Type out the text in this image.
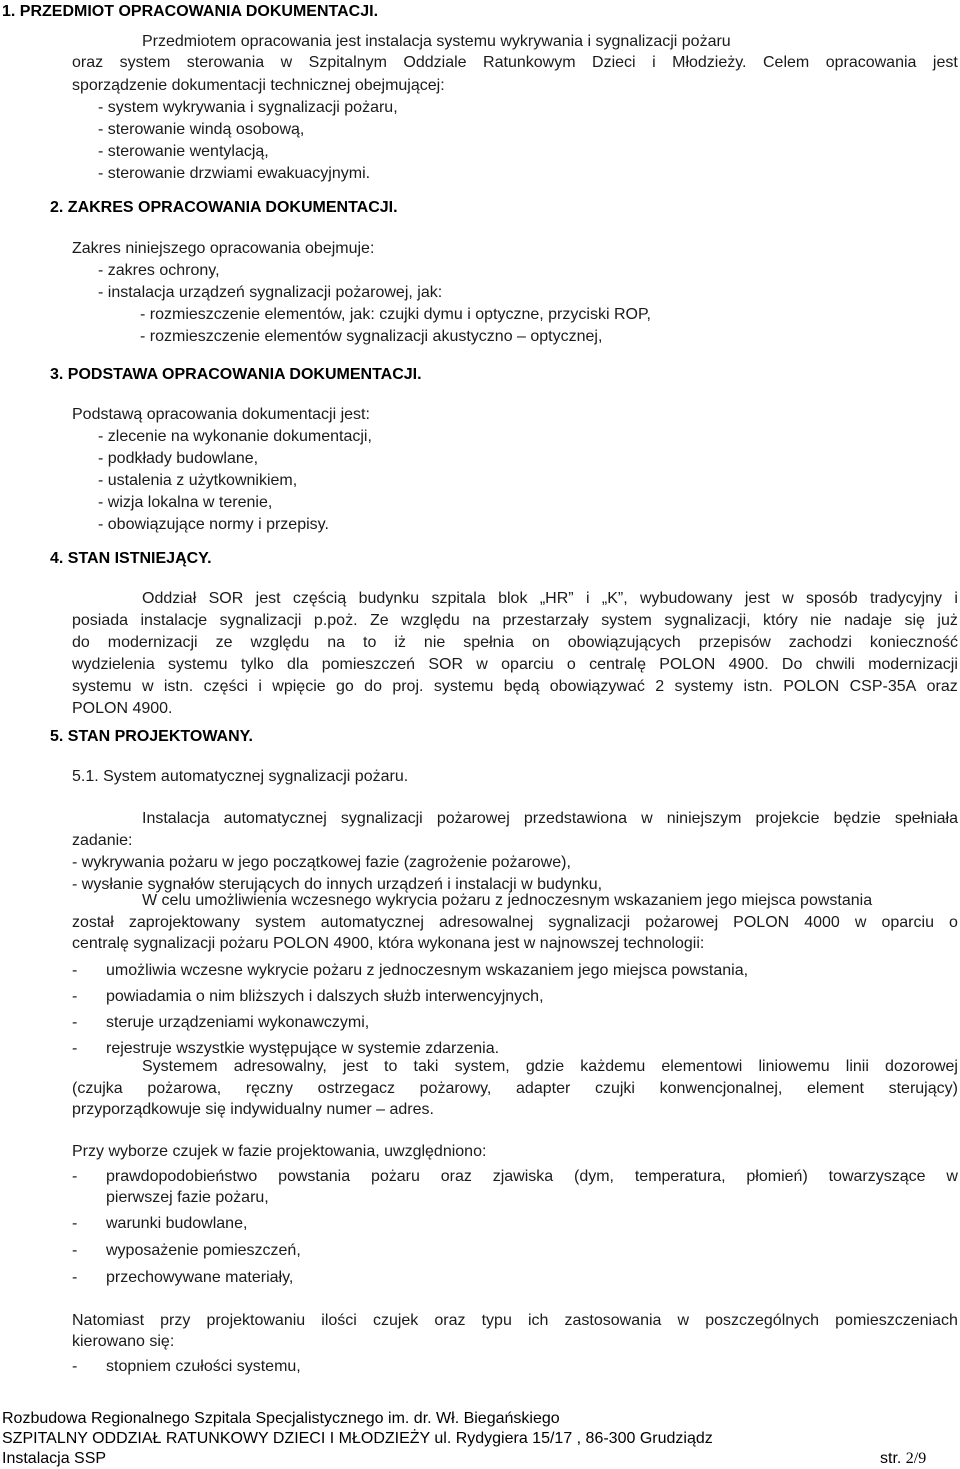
1. PRZEDMIOT OPRACOWANIA DOKUMENTACJI.
Przedmiotem opracowania jest instalacja systemu wykrywania i sygnalizacji pożaru
oraz system sterowania w Szpitalnym Oddziale Ratunkowym Dzieci i Młodzieży. Celem opracowania jest
sporządzenie dokumentacji technicznej obejmującej:
- system wykrywania i sygnalizacji pożaru,
- sterowanie windą osobową,
- sterowanie wentylacją,
- sterowanie drzwiami ewakuacyjnymi.
2. ZAKRES OPRACOWANIA DOKUMENTACJI.
Zakres niniejszego opracowania obejmuje:
- zakres ochrony,
- instalacja urządzeń sygnalizacji pożarowej, jak:
- rozmieszczenie elementów, jak: czujki dymu i optyczne, przyciski ROP,
- rozmieszczenie elementów sygnalizacji akustyczno – optycznej,
3. PODSTAWA OPRACOWANIA DOKUMENTACJI.
Podstawą opracowania dokumentacji jest:
- zlecenie na wykonanie dokumentacji,
- podkłady budowlane,
- ustalenia z użytkownikiem,
- wizja lokalna w terenie,
- obowiązujące normy i przepisy.
4. STAN ISTNIEJĄCY.
Oddział SOR jest częścią budynku szpitala blok „HR” i „K”, wybudowany jest w sposób tradycyjny i
posiada instalacje sygnalizacji p.poż. Ze względu na przestarzały system sygnalizacji, który nie nadaje się już
do modernizacji ze względu na to iż nie spełnia on obowiązujących przepisów zachodzi konieczność
wydzielenia systemu tylko dla pomieszczeń SOR w oparciu o centralę POLON 4900. Do chwili modernizacji
systemu w istn. części i wpięcie go do proj. systemu będą obowiązywać 2 systemy istn. POLON CSP-35A oraz
POLON 4900.
5. STAN PROJEKTOWANY.
5.1. System automatycznej sygnalizacji pożaru.
Instalacja automatycznej sygnalizacji pożarowej przedstawiona w niniejszym projekcie będzie spełniała
zadanie:
- wykrywania pożaru w jego początkowej fazie (zagrożenie pożarowe),
- wysłanie sygnałów sterujących do innych urządzeń i instalacji w budynku,
W celu umożliwienia wczesnego wykrycia pożaru z jednoczesnym wskazaniem jego miejsca powstania
został zaprojektowany system automatycznej adresowalnej sygnalizacji pożarowej POLON 4000 w oparciu o
centralę sygnalizacji pożaru POLON 4900, która wykonana jest w najnowszej technologii:
- umożliwia wczesne wykrycie pożaru z jednoczesnym wskazaniem jego miejsca powstania,
- powiadamia o nim bliższych i dalszych służb interwencyjnych,
- steruje urządzeniami wykonawczymi,
- rejestruje wszystkie występujące w systemie zdarzenia.
Systemem adresowalny, jest to taki system, gdzie każdemu elementowi liniowemu linii dozorowej
(czujka pożarowa, ręczny ostrzegacz pożarowy, adapter czujki konwencjonalnej, element sterujący)
przyporządkowuje się indywidualny numer – adres.
Przy wyborze czujek w fazie projektowania, uwzględniono:
- prawdopodobieństwo powstania pożaru oraz zjawiska (dym, temperatura, płomień) towarzyszące w
pierwszej fazie pożaru,
- warunki budowlane,
- wyposażenie pomieszczeń,
- przechowywane materiały,
Natomiast przy projektowaniu ilości czujek oraz typu ich zastosowania w poszczególnych pomieszczeniach
kierowano się:
- stopniem czułości systemu,
Rozbudowa Regionalnego Szpitala Specjalistycznego im. dr. Wł. Biegańskiego
SZPITALNY ODDZIAŁ RATUNKOWY DZIECI I MŁODZIEŻY ul. Rydygiera 15/17 , 86-300 Grudziądz
Instalacja SSP	str. 2/9
